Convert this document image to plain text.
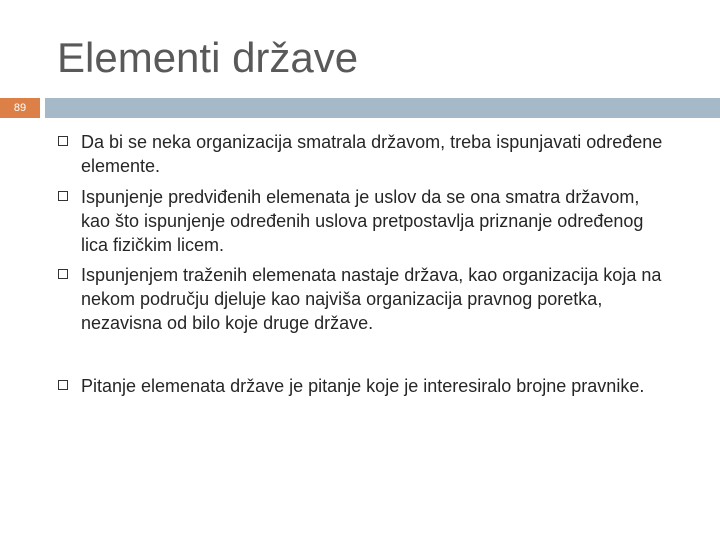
Elementi države
89
Da bi se neka organizacija smatrala državom, treba ispunjavati određene elemente.
Ispunjenje predviđenih elemenata je uslov da se ona smatra državom, kao što ispunjenje određenih uslova pretpostavlja priznanje određenog lica fizičkim licem.
Ispunjenjem traženih elemenata nastaje država, kao organizacija koja na nekom području djeluje kao najviša organizacija pravnog poretka, nezavisna od bilo koje druge države.
Pitanje elemenata države je pitanje koje je interesiralo brojne pravnike.
